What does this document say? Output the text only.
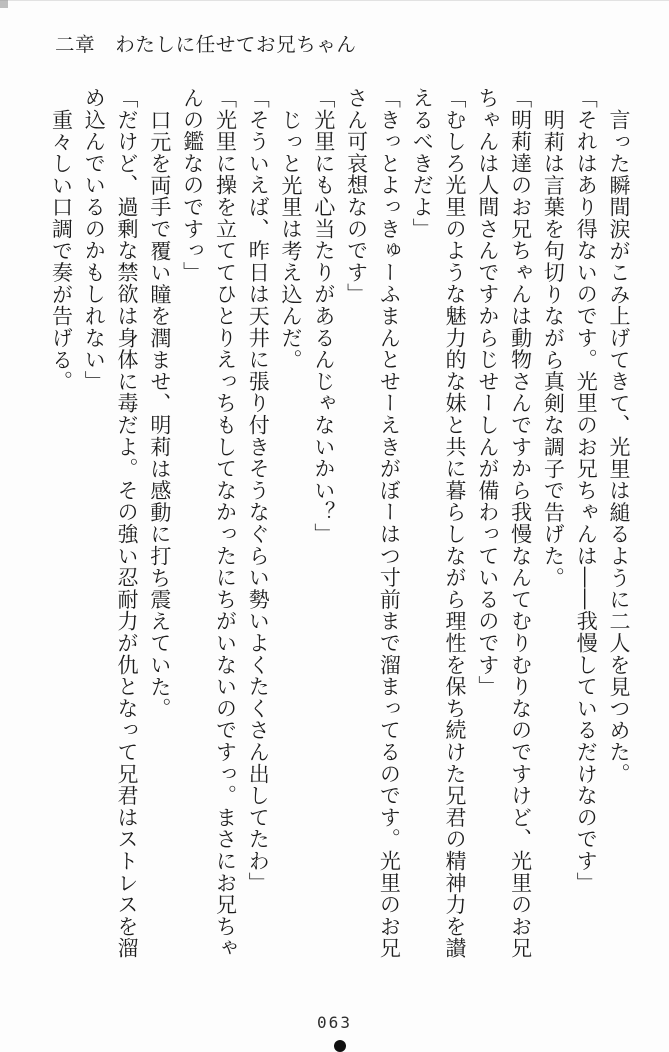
二章　わたしに任せてお兄ちゃん

言った瞬間涙がこみ上げてきて、光里は縋るように二人を見つめた。

「それはあり得ないのです。光里のお兄ちゃんは――我慢しているだけなのです」

明莉は言葉を句切りながら真剣な調子で告げた。

「明莉達のお兄ちゃんは動物さんですから我慢なんてむりむりなのですけど、光里のお兄ちゃんは人間さんですからじせーしんが備わっているのです」

「むしろ光里のような魅力的な妹と共に暮らしながら理性を保ち続けた兄君の精神力を讃えるべきだよ」

「きっとよっきゅーふまんとせーえきがぼーはつ寸前まで溜まってるのです。光里のお兄さん可哀想なのです」

「光里にも心当たりがあるんじゃないかい？」

じっと光里は考え込んだ。

「そういえば、昨日は天井に張り付きそうなぐらい勢いよくたくさん出してたわ」

「光里に操を立ててひとりえっちもしてなかったにちがいないのですっ。まさにお兄ちゃんの鑑なのですっ」

口元を両手で覆い瞳を潤ませ、明莉は感動に打ち震えていた。

「だけど、過剰な禁欲は身体に毒だよ。その強い忍耐力が仇となって兄君はストレスを溜め込んでいるのかもしれない」

重々しい口調で奏が告げる。

063
